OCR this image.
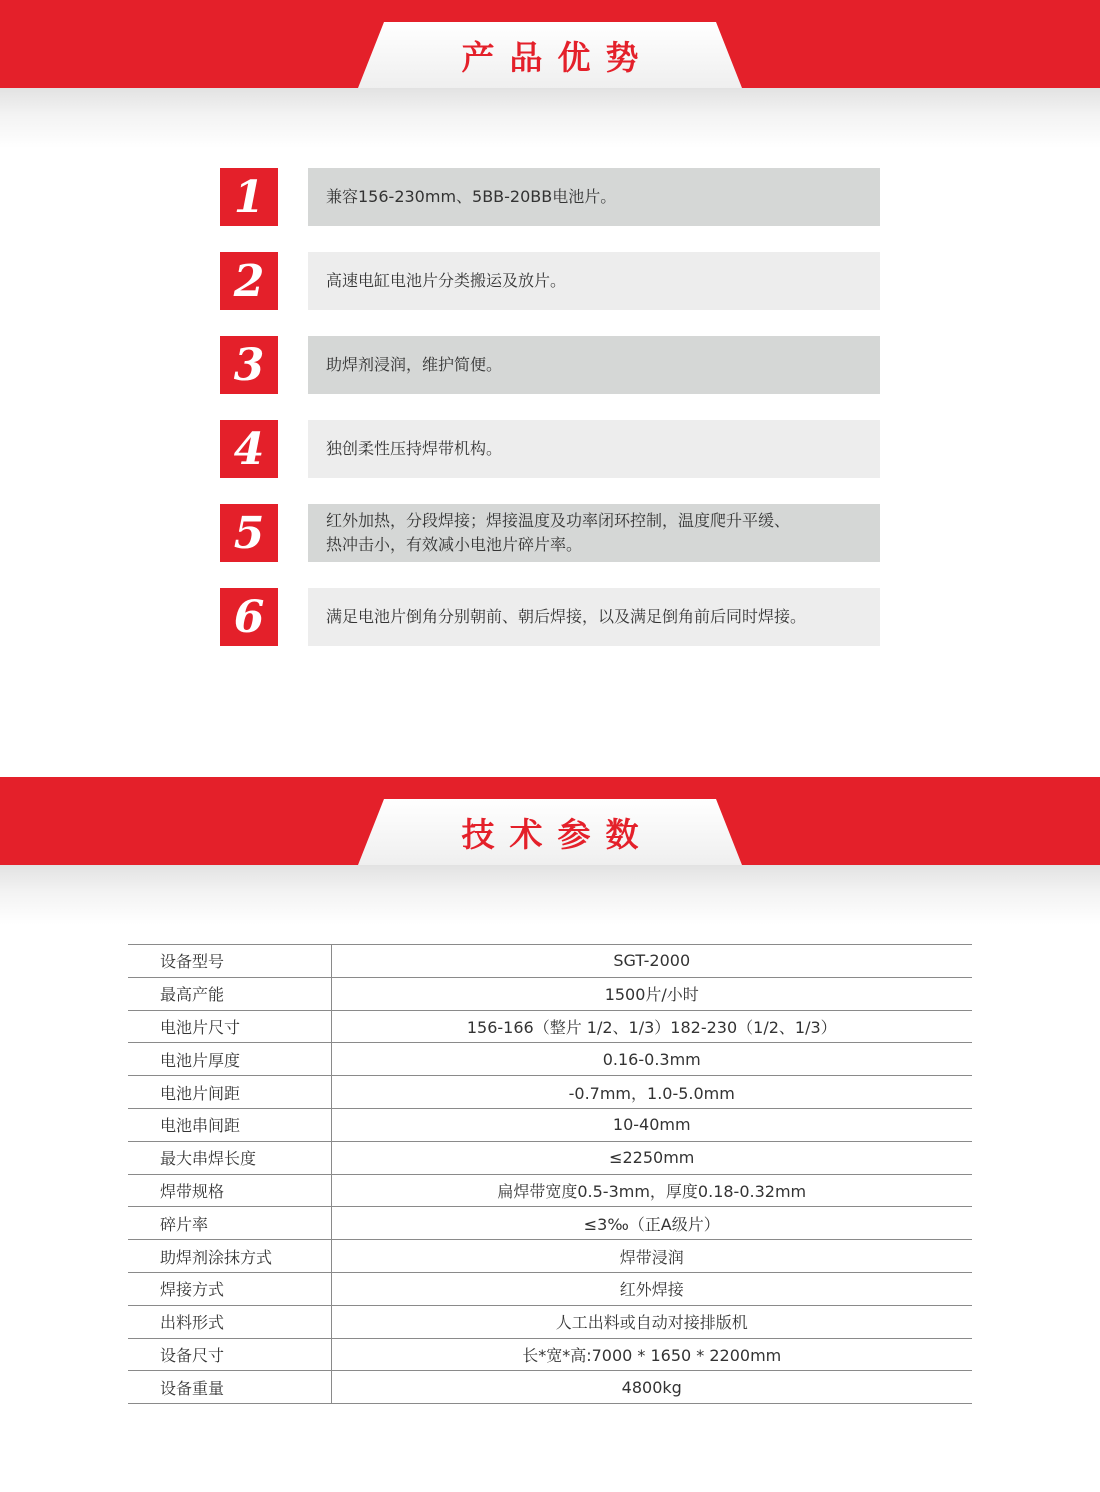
产品优势
1	兼容156-230mm、5BB-20BB电池片。
2	高速电缸电池片分类搬运及放片。
3	助焊剂浸润，维护简便。
4	独创柔性压持焊带机构。
5	红外加热，分段焊接；焊接温度及功率闭环控制，温度爬升平缓、
热冲击小，有效减小电池片碎片率。
6	满足电池片倒角分别朝前、朝后焊接，以及满足倒角前后同时焊接。
技术参数
设备型号	SGT-2000
最高产能	1500片/小时
电池片尺寸	156-166（整片 1/2、1/3）182-230（1/2、1/3）
电池片厚度	0.16-0.3mm
电池片间距	-0.7mm，1.0-5.0mm
电池串间距	10-40mm
最大串焊长度	≤2250mm
焊带规格	扁焊带宽度0.5-3mm，厚度0.18-0.32mm
碎片率	≤3‰（正A级片）
助焊剂涂抹方式	焊带浸润
焊接方式	红外焊接
出料形式	人工出料或自动对接排版机
设备尺寸	长*宽*高:7000 * 1650 * 2200mm
设备重量	4800kg
